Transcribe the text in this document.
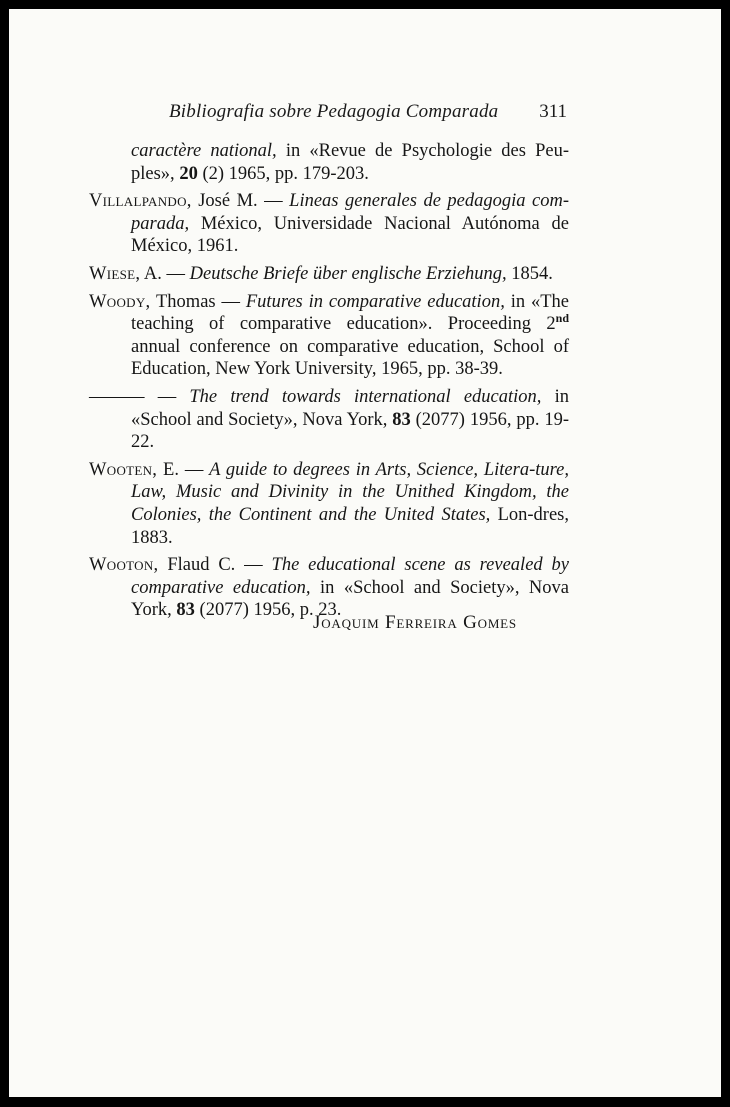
Bibliografia sobre Pedagogia Comparada 311

caractère national, in «Revue de Psychologie des Peu-ples», 20 (2) 1965, pp. 179-203.

Villalpando, José M. — Lineas generales de pedagogia com-parada, México, Universidade Nacional Autónoma de México, 1961.

Wiese, A. — Deutsche Briefe über englische Erziehung, 1854.

Woody, Thomas — Futures in comparative education, in «The teaching of comparative education». Proceeding 2nd annual conference on comparative education, School of Education, New York University, 1965, pp. 38-39.

——— — The trend towards international education, in «School and Society», Nova York, 83 (2077) 1956, pp. 19-22.

Wooten, E. — A guide to degrees in Arts, Science, Litera-ture, Law, Music and Divinity in the Unithed Kingdom, the Colonies, the Continent and the United States, Lon-dres, 1883.

Wooton, Flaud C. — The educational scene as revealed by comparative education, in «School and Society», Nova York, 83 (2077) 1956, p. 23.

Joaquim Ferreira Gomes
